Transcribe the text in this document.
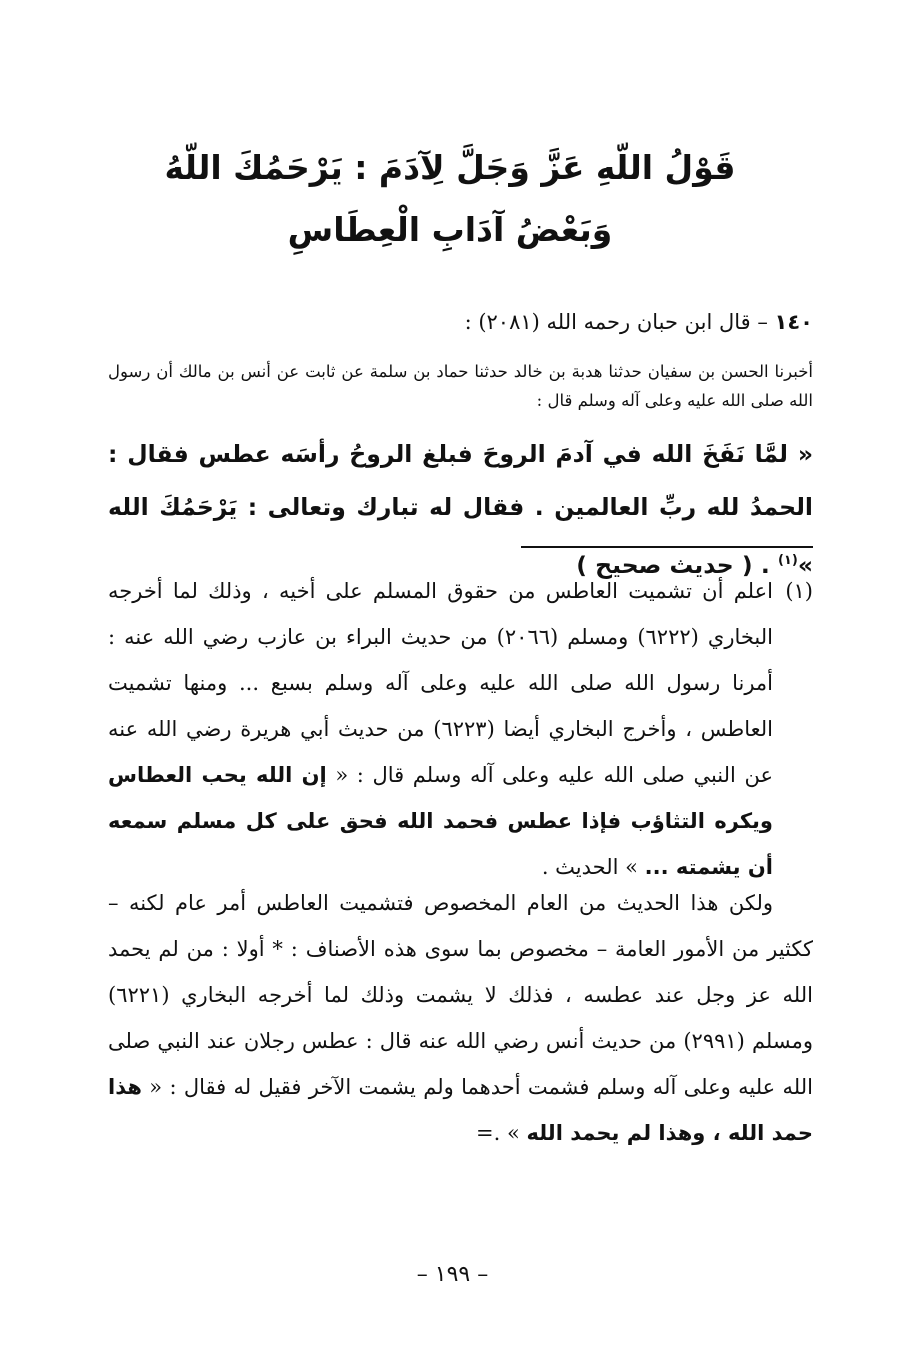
قَوْلُ اللّهِ عَزَّ وَجَلَّ لِآدَمَ : يَرْحَمُكَ اللّهُ
وَبَعْضُ آدَابِ الْعِطَاسِ
١٤٠ – قال ابن حبان رحمه الله (٢٠٨١) :
أخبرنا الحسن بن سفيان حدثنا هدبة بن خالد حدثنا حماد بن سلمة عن ثابت عن أنس بن مالك أن رسول الله صلى الله عليه وعلى آله وسلم قال :
« لمَّا نَفَخَ الله في آدمَ الروحَ فبلغ الروحُ رأسَه عطس فقال : الحمدُ لله ربِّ العالمين . فقال له تبارك وتعالى : يَرْحَمُكَ الله »$^{(١)}$ . ( حديث صحيح )
(١)
اعلم أن تشميت العاطس من حقوق المسلم على أخيه ، وذلك لما أخرجه البخاري (٦٢٢٢) ومسلم (٢٠٦٦) من حديث البراء بن عازب رضي الله عنه : أمرنا رسول الله صلى الله عليه وعلى آله وسلم بسبع ... ومنها تشميت العاطس ، وأخرج البخاري أيضا (٦٢٢٣) من حديث أبي هريرة رضي الله عنه عن النبي صلى الله عليه وعلى آله وسلم قال : « إن الله يحب العطاس ويكره التثاؤب فإذا عطس فحمد الله فحق على كل مسلم سمعه أن يشمته ... » الحديث .

ولكن هذا الحديث من العام المخصوص فتشميت العاطس أمر عام لكنه – ككثير من الأمور العامة – مخصوص بما سوى هذه الأصناف : * أولا : من لم يحمد الله عز وجل عند عطسه ، فذلك لا يشمت وذلك لما أخرجه البخاري (٦٢٢١) ومسلم (٢٩٩١) من حديث أنس رضي الله عنه قال : عطس رجلان عند النبي صلى الله عليه وعلى آله وسلم فشمت أحدهما ولم يشمت الآخر فقيل له فقال : « هذا حمد الله ، وهذا لم يحمد الله » .=

– ١٩٩ –
